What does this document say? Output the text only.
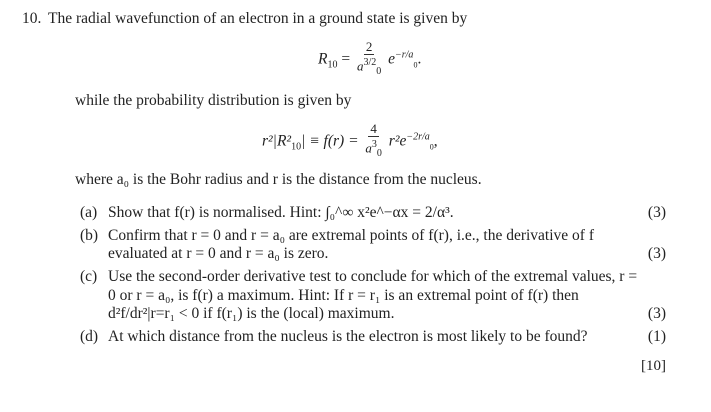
10. The radial wavefunction of an electron in a ground state is given by
$R_{10} = \frac{2}{a^{3/2}_0} e^{-r/a}_0$.
while the probability distribution is given by
$r^2|R^2_{10}| \equiv f(r) = \frac{4}{a^3_0} r^2e^{-2r/a}_0$,
where a₀ is the Bohr radius and r is the distance from the nucleus.
(a) Show that f(r) is normalised. Hint: ∫₀^∞ x²e^−αx = 2/α³.	(3)
(b) Confirm that r = 0 and r = a₀ are extremal points of f(r), i.e., the derivative of f
evaluated at r = 0 and r = a₀ is zero.	(3)
(c) Use the second-order derivative test to conclude for which of the extremal values, r =
0 or r = a₀, is f(r) a maximum. Hint: If r = r₁ is an extremal point of f(r) then
d²f/dr²|r=r₁ < 0 if f(r₁) is the (local) maximum.	(3)
(d) At which distance from the nucleus is the electron is most likely to be found?	(1)
[10]
